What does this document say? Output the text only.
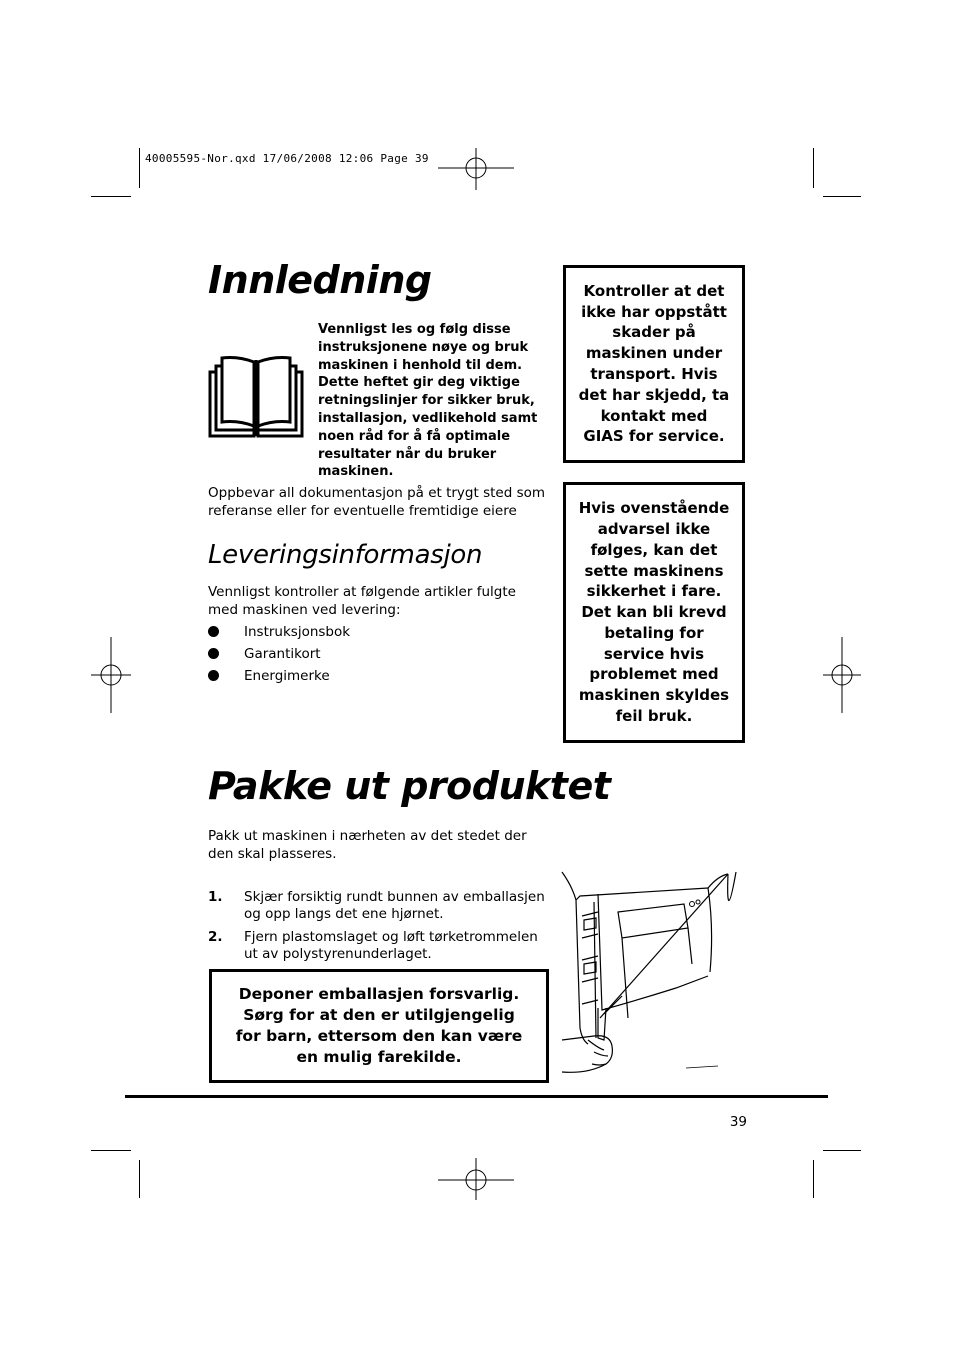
40005595-Nor.qxd 17/06/2008 12:06 Page 39
Innledning
Vennligst les og følg disse instruksjonene nøye og bruk maskinen i henhold til dem. Dette heftet gir deg viktige retningslinjer for sikker bruk, installasjon, vedlikehold samt noen råd for å få optimale resultater når du bruker maskinen.
Oppbevar all dokumentasjon på et trygt sted som referanse eller for eventuelle fremtidige eiere
Leveringsinformasjon
Vennligst kontroller at følgende artikler fulgte med maskinen ved levering:
Instruksjonsbok
Garantikort
Energimerke
Kontroller at det ikke har oppstått skader på maskinen under transport. Hvis det har skjedd, ta kontakt med GIAS for service.
Hvis ovenstående advarsel ikke følges, kan det sette maskinens sikkerhet i fare. Det kan bli krevd betaling for service hvis problemet med maskinen skyldes feil bruk.
Pakke ut produktet
Pakk ut maskinen i nærheten av det stedet der den skal plasseres.
1. Skjær forsiktig rundt bunnen av emballasjen og opp langs det ene hjørnet.
2. Fjern plastomslaget og løft tørketrommelen ut av polystyrenunderlaget.
Deponer emballasjen forsvarlig. Sørg for at den er utilgjengelig for barn, ettersom den kan være en mulig farekilde.
39
